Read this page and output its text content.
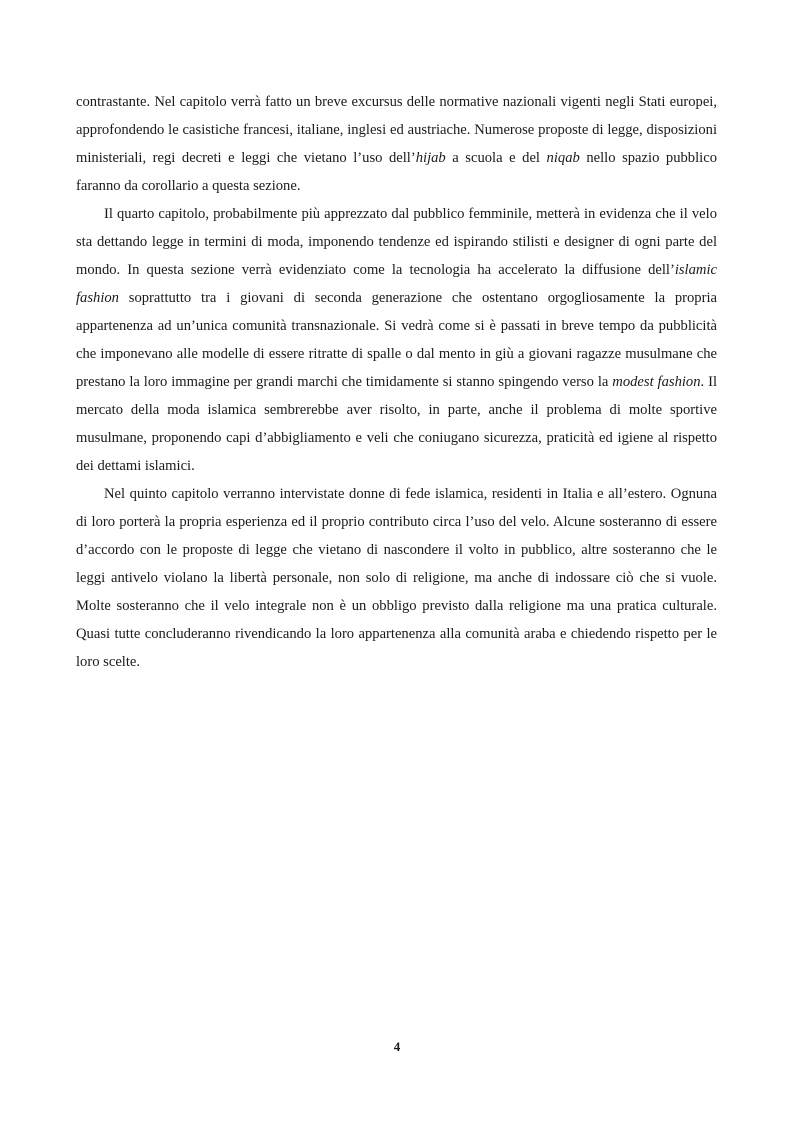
contrastante. Nel capitolo verrà fatto un breve excursus delle normative nazionali vigenti negli Stati europei, approfondendo le casistiche francesi, italiane, inglesi ed austriache. Numerose proposte di legge, disposizioni ministeriali, regi decreti e leggi che vietano l’uso dell’hijab a scuola e del niqab nello spazio pubblico faranno da corollario a questa sezione.

Il quarto capitolo, probabilmente più apprezzato dal pubblico femminile, metterà in evidenza che il velo sta dettando legge in termini di moda, imponendo tendenze ed ispirando stilisti e designer di ogni parte del mondo. In questa sezione verrà evidenziato come la tecnologia ha accelerato la diffusione dell’islamic fashion soprattutto tra i giovani di seconda generazione che ostentano orgogliosamente la propria appartenenza ad un’unica comunità transnazionale. Si vedrà come si è passati in breve tempo da pubblicità che imponevano alle modelle di essere ritratte di spalle o dal mento in giù a giovani ragazze musulmane che prestano la loro immagine per grandi marchi che timidamente si stanno spingendo verso la modest fashion. Il mercato della moda islamica sembrerebbe aver risolto, in parte, anche il problema di molte sportive musulmane, proponendo capi d’abbigliamento e veli che coniugano sicurezza, praticità ed igiene al rispetto dei dettami islamici.

Nel quinto capitolo verranno intervistate donne di fede islamica, residenti in Italia e all’estero. Ognuna di loro porterà la propria esperienza ed il proprio contributo circa l’uso del velo. Alcune sosteranno di essere d’accordo con le proposte di legge che vietano di nascondere il volto in pubblico, altre sosteranno che le leggi antivelo violano la libertà personale, non solo di religione, ma anche di indossare ciò che si vuole. Molte sosteranno che il velo integrale non è un obbligo previsto dalla religione ma una pratica culturale. Quasi tutte concluderanno rivendicando la loro appartenenza alla comunità araba e chiedendo rispetto per le loro scelte.

4
